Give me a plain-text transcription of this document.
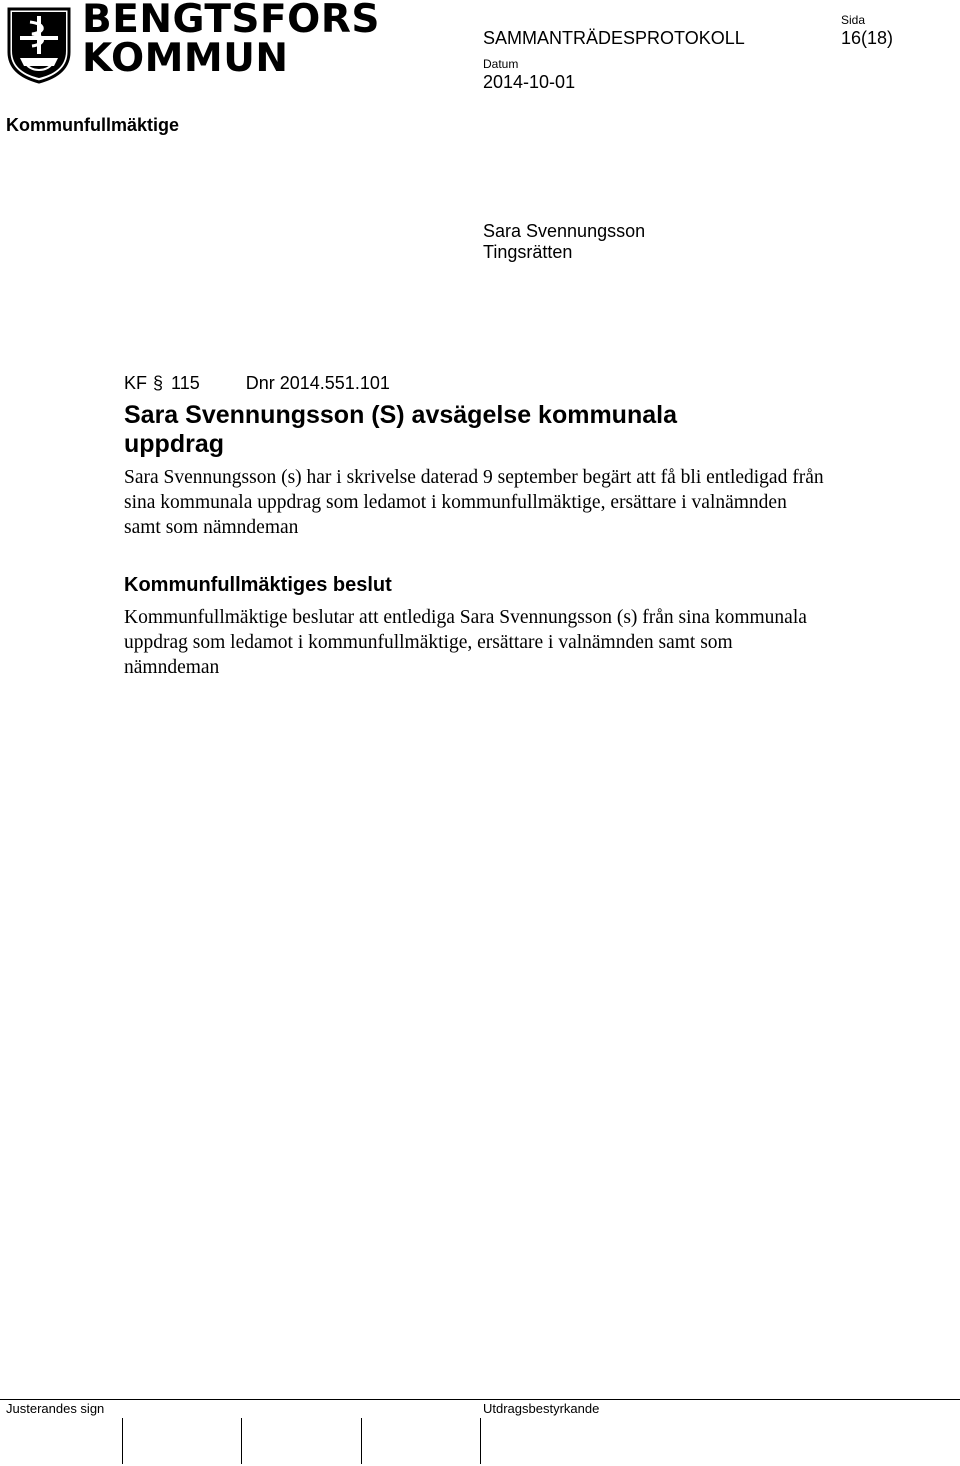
BENGTSFORS
KOMMUN	SAMMANTRÄDESPROTOKOLL
Sida
16(18)
Datum
2014-10-01
Kommunfullmäktige
Sara Svennungsson
Tingsrätten
KF § 115	Dnr 2014.551.101
Sara Svennungsson (S) avsägelse kommunala uppdrag
Sara Svennungsson (s) har i skrivelse daterad 9 september begärt att få bli entledigad från sina kommunala uppdrag som ledamot i kommunfullmäktige, ersättare i valnämnden samt som nämndeman
Kommunfullmäktiges beslut
Kommunfullmäktige beslutar att entlediga Sara Svennungsson (s) från sina kommunala uppdrag som ledamot i kommunfullmäktige, ersättare i valnämnden samt som nämndeman
Justerandes sign	Utdragsbestyrkande
